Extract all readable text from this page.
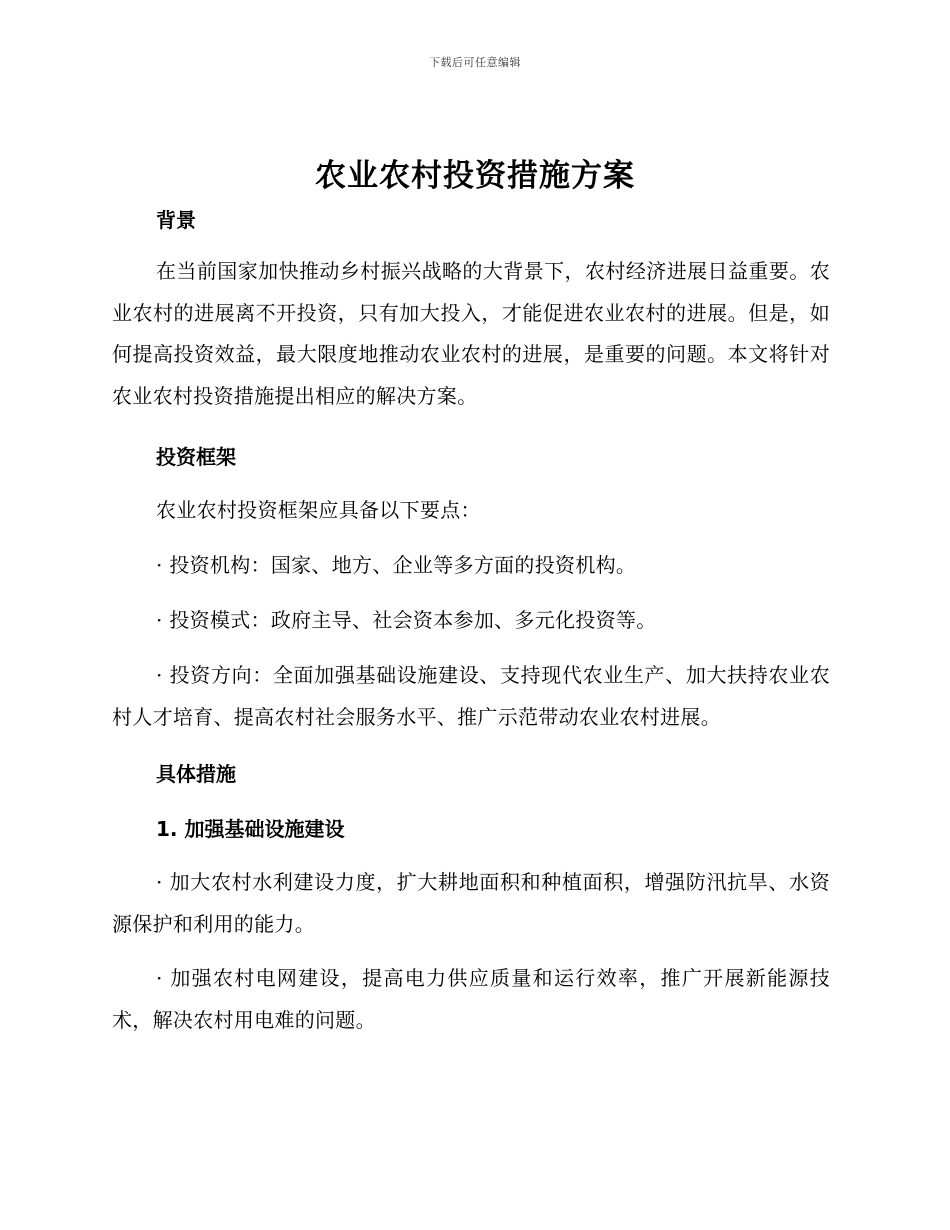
下载后可任意编辑
农业农村投资措施方案
背景

在当前国家加快推动乡村振兴战略的大背景下，农村经济进展日益重要。农业农村的进展离不开投资，只有加大投入，才能促进农业农村的进展。但是，如何提高投资效益，最大限度地推动农业农村的进展，是重要的问题。本文将针对农业农村投资措施提出相应的解决方案。

投资框架

农业农村投资框架应具备以下要点：

· 投资机构：国家、地方、企业等多方面的投资机构。

· 投资模式：政府主导、社会资本参加、多元化投资等。

· 投资方向：全面加强基础设施建设、支持现代农业生产、加大扶持农业农村人才培育、提高农村社会服务水平、推广示范带动农业农村进展。

具体措施
1. 加强基础设施建设

· 加大农村水利建设力度，扩大耕地面积和种植面积，增强防汛抗旱、水资源保护和利用的能力。

· 加强农村电网建设，提高电力供应质量和运行效率，推广开展新能源技术，解决农村用电难的问题。
